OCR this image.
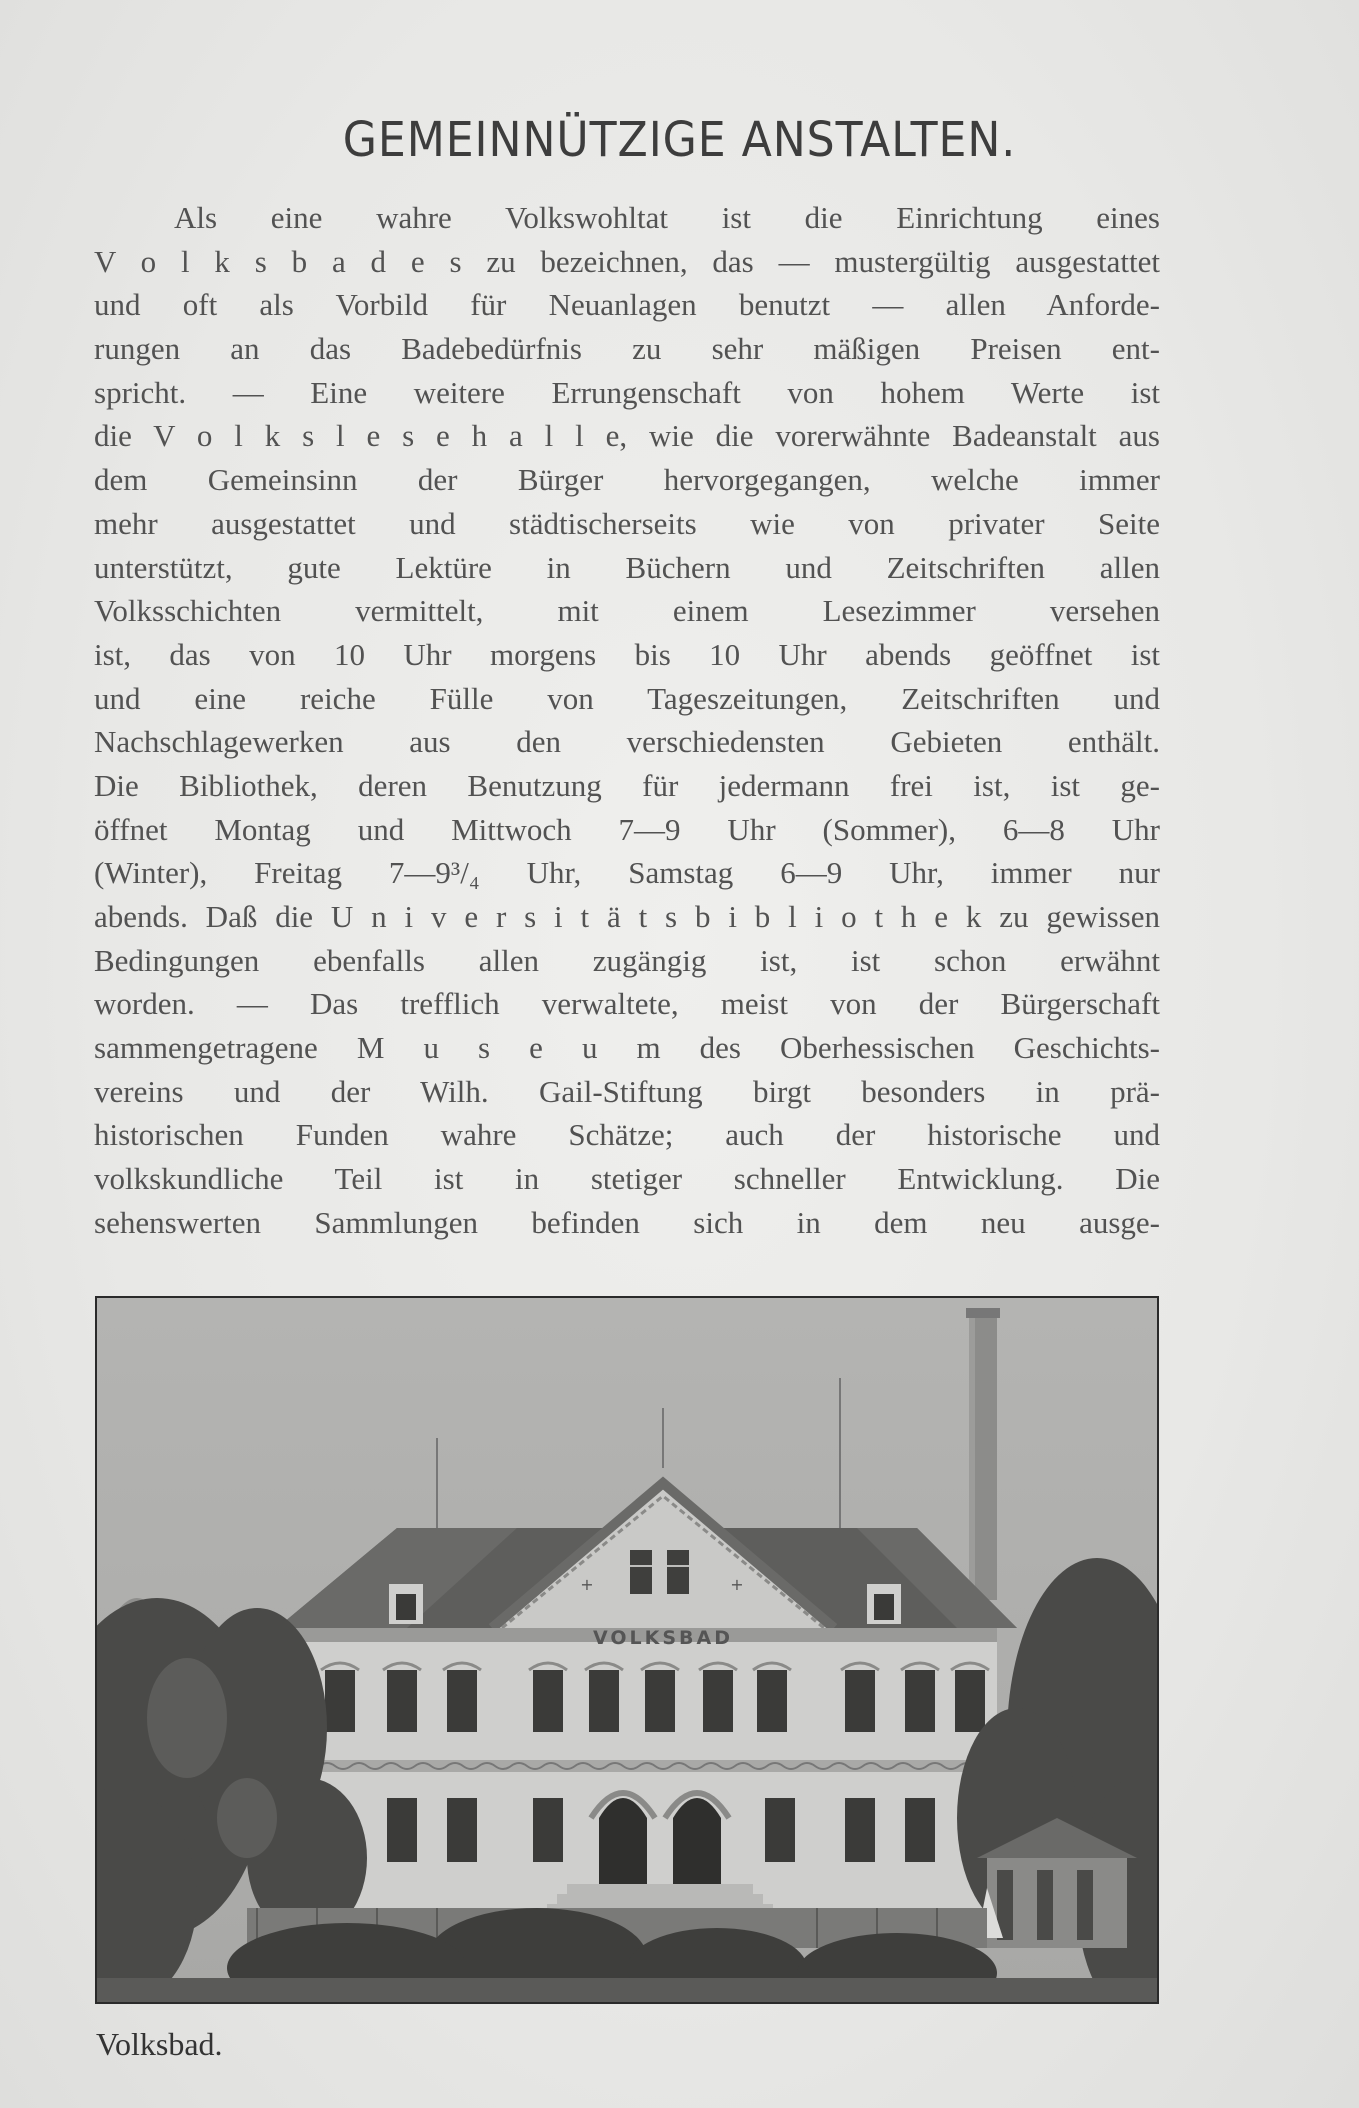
GEMEINNÜTZIGE ANSTALTEN.
Als eine wahre Volkswohltat ist die Einrichtung eines
V o l k s b a d e s zu bezeichnen, das — mustergültig ausgestattet
und oft als Vorbild für Neuanlagen benutzt — allen Anforde-
rungen an das Badebedürfnis zu sehr mäßigen Preisen ent-
spricht. — Eine weitere Errungenschaft von hohem Werte ist
die V o l k s l e s e h a l l e, wie die vorerwähnte Badeanstalt aus
dem Gemeinsinn der Bürger hervorgegangen, welche immer
mehr ausgestattet und städtischerseits wie von privater Seite
unterstützt, gute Lektüre in Büchern und Zeitschriften allen
Volksschichten vermittelt, mit einem Lesezimmer versehen
ist, das von 10 Uhr morgens bis 10 Uhr abends geöffnet ist
und eine reiche Fülle von Tageszeitungen, Zeitschriften und
Nachschlagewerken aus den verschiedensten Gebieten enthält.
Die Bibliothek, deren Benutzung für jedermann frei ist, ist ge-
öffnet Montag und Mittwoch 7—9 Uhr (Sommer), 6—8 Uhr
(Winter), Freitag 7—9³/₄ Uhr, Samstag 6—9 Uhr, immer nur
abends. Daß die U n i v e r s i t ä t s b i b l i o t h e k zu gewissen
Bedingungen ebenfalls allen zugängig ist, ist schon erwähnt
worden. — Das trefflich verwaltete, meist von der Bürgerschaft
sammengetragene M u s e u m des Oberhessischen Geschichts-
vereins und der Wilh. Gail-Stiftung birgt besonders in prä-
historischen Funden wahre Schätze; auch der historische und
volkskundliche Teil ist in stetiger schneller Entwicklung. Die
sehenswerten Sammlungen befinden sich in dem neu ausge-
+	+
VOLKSBAD

Volksbad.
